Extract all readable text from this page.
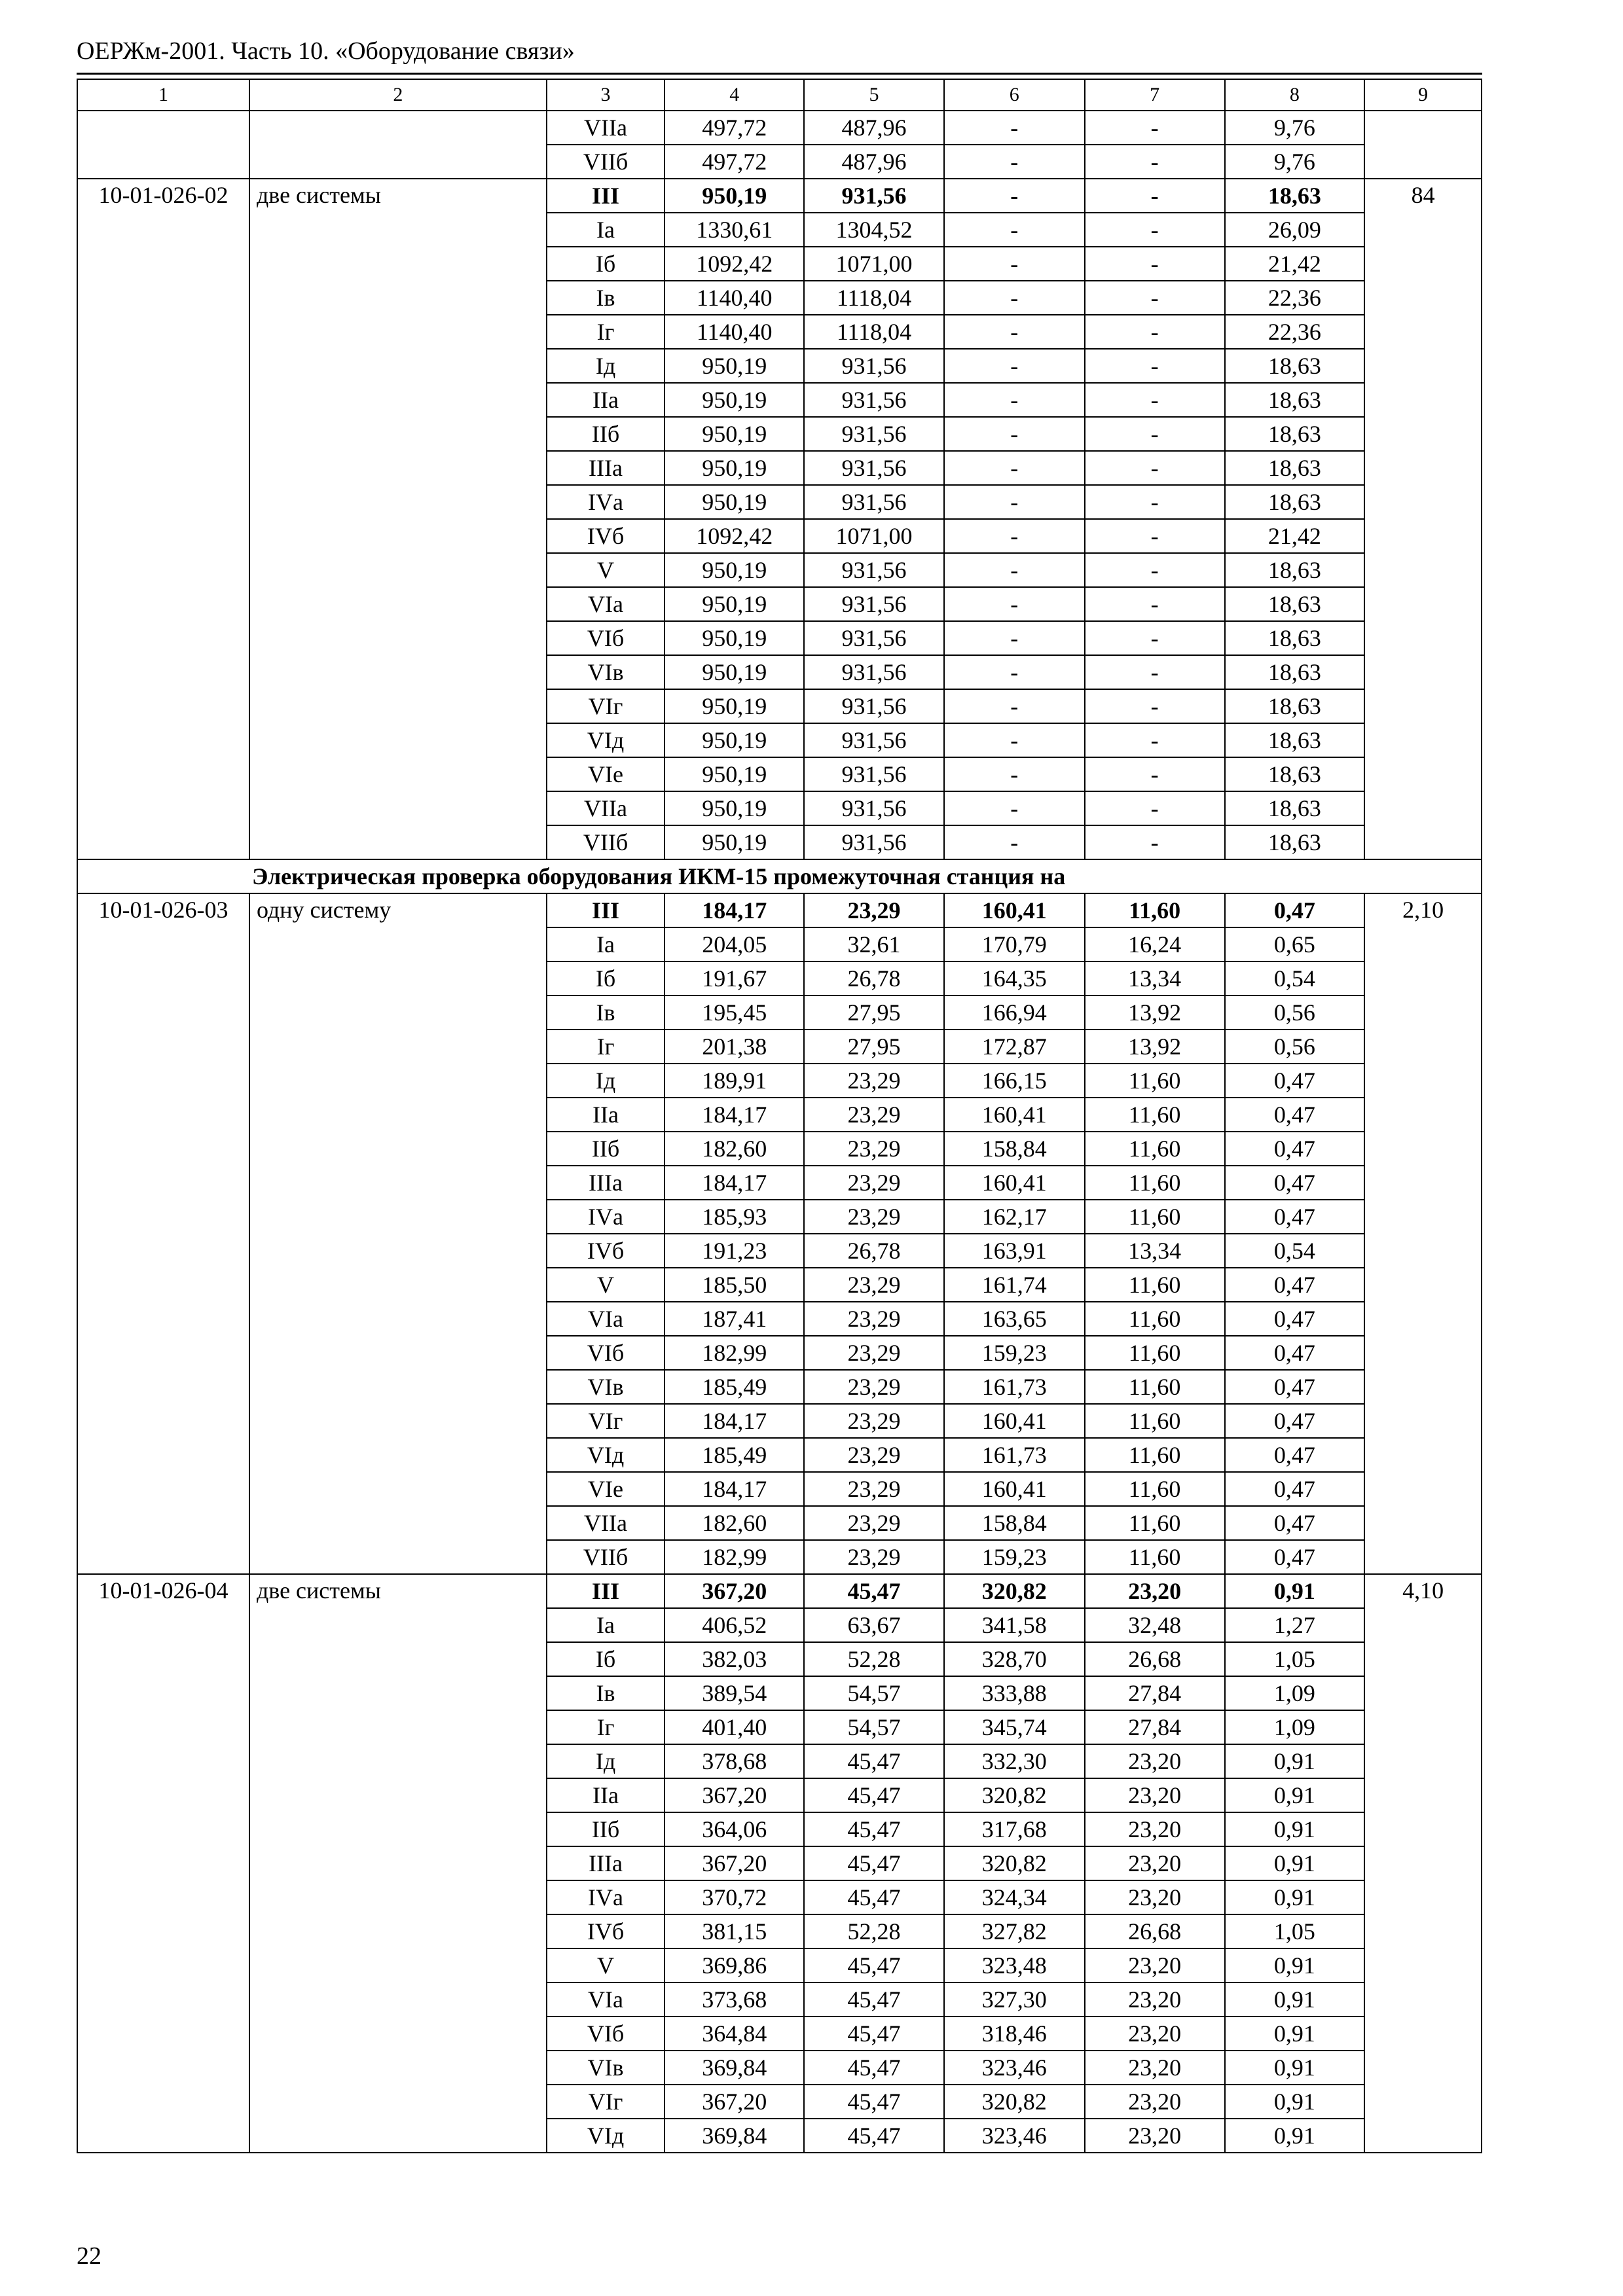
ОЕРЖм-2001. Часть 10. «Оборудование связи»
1	2	3	4	5	6	7	8	9
		VIIа	497,72	487,96	-	-	9,76	
		VIIб	497,72	487,96	-	-	9,76	
10-01-026-02	две системы	III	950,19	931,56	-	-	18,63	84
		Iа	1330,61	1304,52	-	-	26,09	
		Iб	1092,42	1071,00	-	-	21,42	
		Iв	1140,40	1118,04	-	-	22,36	
		Iг	1140,40	1118,04	-	-	22,36	
		Iд	950,19	931,56	-	-	18,63	
		IIа	950,19	931,56	-	-	18,63	
		IIб	950,19	931,56	-	-	18,63	
		IIIа	950,19	931,56	-	-	18,63	
		IVа	950,19	931,56	-	-	18,63	
		IVб	1092,42	1071,00	-	-	21,42	
		V	950,19	931,56	-	-	18,63	
		VIа	950,19	931,56	-	-	18,63	
		VIб	950,19	931,56	-	-	18,63	
		VIв	950,19	931,56	-	-	18,63	
		VIг	950,19	931,56	-	-	18,63	
		VIд	950,19	931,56	-	-	18,63	
		VIе	950,19	931,56	-	-	18,63	
		VIIа	950,19	931,56	-	-	18,63	
		VIIб	950,19	931,56	-	-	18,63	
Электрическая проверка оборудования ИКМ-15 промежуточная станция на								
10-01-026-03	одну систему	III	184,17	23,29	160,41	11,60	0,47	2,10
		Iа	204,05	32,61	170,79	16,24	0,65	
		Iб	191,67	26,78	164,35	13,34	0,54	
		Iв	195,45	27,95	166,94	13,92	0,56	
		Iг	201,38	27,95	172,87	13,92	0,56	
		Iд	189,91	23,29	166,15	11,60	0,47	
		IIа	184,17	23,29	160,41	11,60	0,47	
		IIб	182,60	23,29	158,84	11,60	0,47	
		IIIа	184,17	23,29	160,41	11,60	0,47	
		IVа	185,93	23,29	162,17	11,60	0,47	
		IVб	191,23	26,78	163,91	13,34	0,54	
		V	185,50	23,29	161,74	11,60	0,47	
		VIа	187,41	23,29	163,65	11,60	0,47	
		VIб	182,99	23,29	159,23	11,60	0,47	
		VIв	185,49	23,29	161,73	11,60	0,47	
		VIг	184,17	23,29	160,41	11,60	0,47	
		VIд	185,49	23,29	161,73	11,60	0,47	
		VIе	184,17	23,29	160,41	11,60	0,47	
		VIIа	182,60	23,29	158,84	11,60	0,47	
		VIIб	182,99	23,29	159,23	11,60	0,47	
10-01-026-04	две системы	III	367,20	45,47	320,82	23,20	0,91	4,10
		Iа	406,52	63,67	341,58	32,48	1,27	
		Iб	382,03	52,28	328,70	26,68	1,05	
		Iв	389,54	54,57	333,88	27,84	1,09	
		Iг	401,40	54,57	345,74	27,84	1,09	
		Iд	378,68	45,47	332,30	23,20	0,91	
		IIа	367,20	45,47	320,82	23,20	0,91	
		IIб	364,06	45,47	317,68	23,20	0,91	
		IIIа	367,20	45,47	320,82	23,20	0,91	
		IVа	370,72	45,47	324,34	23,20	0,91	
		IVб	381,15	52,28	327,82	26,68	1,05	
		V	369,86	45,47	323,48	23,20	0,91	
		VIа	373,68	45,47	327,30	23,20	0,91	
		VIб	364,84	45,47	318,46	23,20	0,91	
		VIв	369,84	45,47	323,46	23,20	0,91	
		VIг	367,20	45,47	320,82	23,20	0,91	
		VIд	369,84	45,47	323,46	23,20	0,91	
22
